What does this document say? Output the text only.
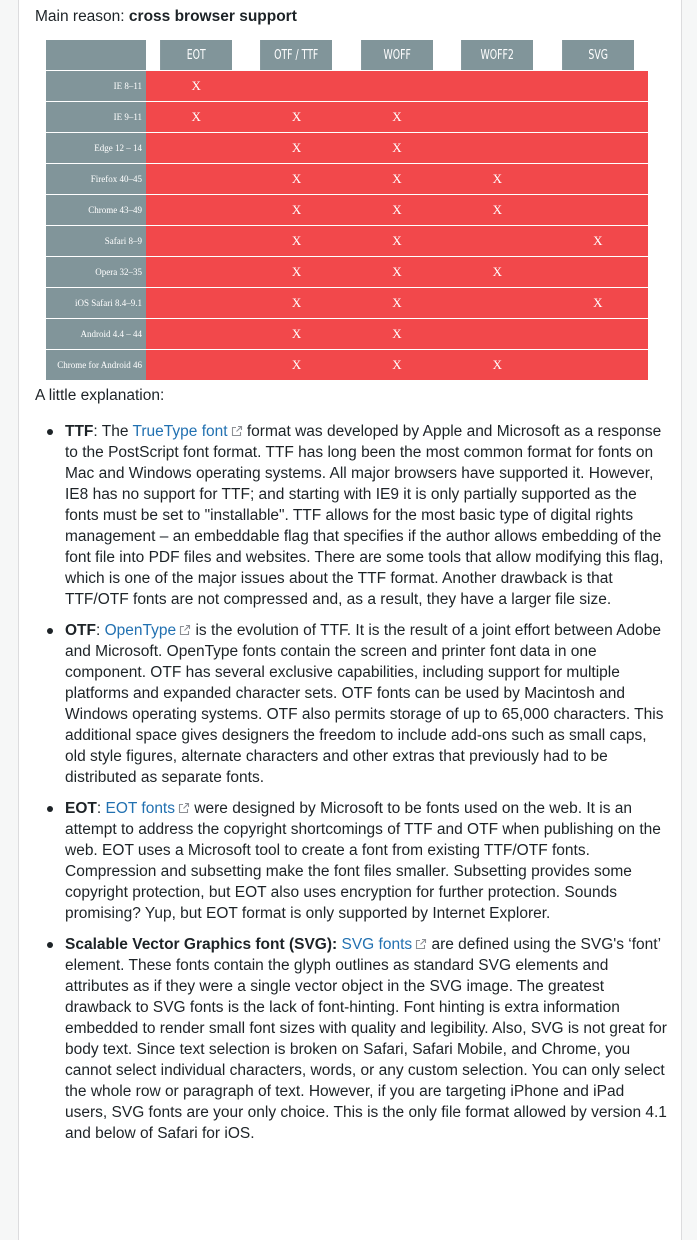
Main reason: cross browser support

	EOT	OTF / TTF	WOFF	WOFF2	SVG
IE 8–11	X				
IE 9–11	X	X	X		
Edge 12 – 14		X	X		
Firefox 40–45		X	X	X	
Chrome 43–49		X	X	X	
Safari 8–9		X	X		X
Opera 32–35		X	X	X	
iOS Safari 8.4–9.1		X	X		X
Android 4.4 – 44		X	X		
Chrome for Android 46		X	X	X	

A little explanation:

TTF: The TrueType font
format was developed by Apple and Microsoft as a response to the PostScript font format. TTF has long been the most common format for fonts on Mac and Windows operating systems. All major browsers have supported it. However, IE8 has no support for TTF; and starting with IE9 it is only partially supported as the fonts must be set to "installable". TTF allows for the most basic type of digital rights management – an embeddable flag that specifies if the author allows embedding of the font file into PDF files and websites. There are some tools that allow modifying this flag, which is one of the major issues about the TTF format. Another drawback is that TTF/OTF fonts are not compressed and, as a result, they have a larger file size.
OTF: OpenType
is the evolution of TTF. It is the result of a joint effort between Adobe and Microsoft. OpenType fonts contain the screen and printer font data in one component. OTF has several exclusive capabilities, including support for multiple platforms and expanded character sets. OTF fonts can be used by Macintosh and Windows operating systems. OTF also permits storage of up to 65,000 characters. This additional space gives designers the freedom to include add-ons such as small caps, old style figures, alternate characters and other extras that previously had to be distributed as separate fonts.
EOT: EOT fonts
were designed by Microsoft to be fonts used on the web. It is an attempt to address the copyright shortcomings of TTF and OTF when publishing on the web. EOT uses a Microsoft tool to create a font from existing TTF/OTF fonts. Compression and subsetting make the font files smaller. Subsetting provides some copyright protection, but EOT also uses encryption for further protection. Sounds promising? Yup, but EOT format is only supported by Internet Explorer.
Scalable Vector Graphics font (SVG): SVG fonts
are defined using the SVG's ‘font’ element. These fonts contain the glyph outlines as standard SVG elements and attributes as if they were a single vector object in the SVG image. The greatest drawback to SVG fonts is the lack of font-hinting. Font hinting is extra information embedded to render small font sizes with quality and legibility. Also, SVG is not great for body text. Since text selection is broken on Safari, Safari Mobile, and Chrome, you cannot select individual characters, words, or any custom selection. You can only select the whole row or paragraph of text. However, if you are targeting iPhone and iPad users, SVG fonts are your only choice. This is the only file format allowed by version 4.1 and below of Safari for iOS.
